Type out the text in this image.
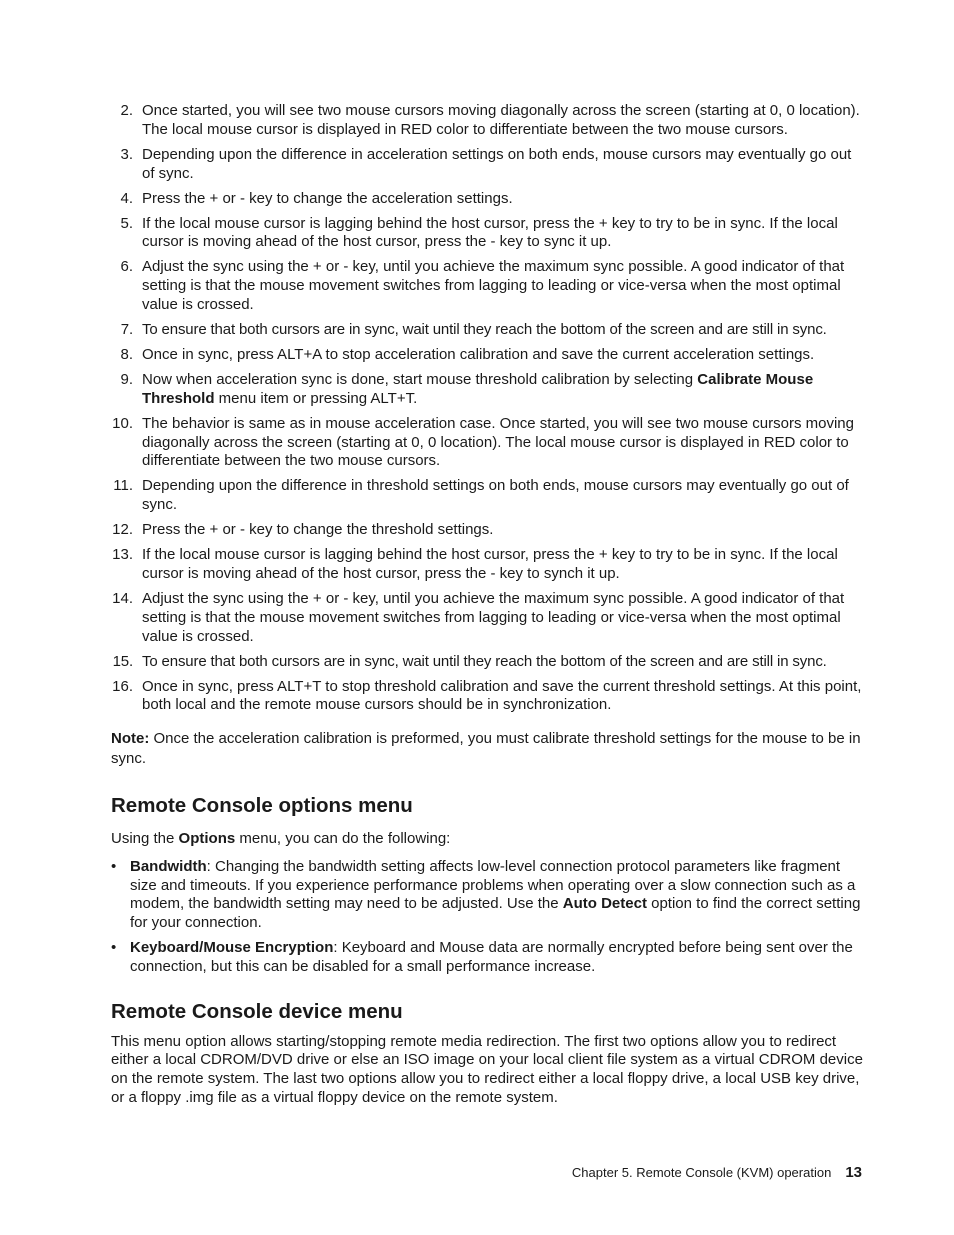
2. Once started, you will see two mouse cursors moving diagonally across the screen (starting at 0, 0 location). The local mouse cursor is displayed in RED color to differentiate between the two mouse cursors.
3. Depending upon the difference in acceleration settings on both ends, mouse cursors may eventually go out of sync.
4. Press the + or - key to change the acceleration settings.
5. If the local mouse cursor is lagging behind the host cursor, press the + key to try to be in sync. If the local cursor is moving ahead of the host cursor, press the - key to sync it up.
6. Adjust the sync using the + or - key, until you achieve the maximum sync possible. A good indicator of that setting is that the mouse movement switches from lagging to leading or vice-versa when the most optimal value is crossed.
7. To ensure that both cursors are in sync, wait until they reach the bottom of the screen and are still in sync.
8. Once in sync, press ALT+A to stop acceleration calibration and save the current acceleration settings.
9. Now when acceleration sync is done, start mouse threshold calibration by selecting Calibrate Mouse Threshold menu item or pressing ALT+T.
10. The behavior is same as in mouse acceleration case. Once started, you will see two mouse cursors moving diagonally across the screen (starting at 0, 0 location). The local mouse cursor is displayed in RED color to differentiate between the two mouse cursors.
11. Depending upon the difference in threshold settings on both ends, mouse cursors may eventually go out of sync.
12. Press the + or - key to change the threshold settings.
13. If the local mouse cursor is lagging behind the host cursor, press the + key to try to be in sync. If the local cursor is moving ahead of the host cursor, press the - key to synch it up.
14. Adjust the sync using the + or - key, until you achieve the maximum sync possible. A good indicator of that setting is that the mouse movement switches from lagging to leading or vice-versa when the most optimal value is crossed.
15. To ensure that both cursors are in sync, wait until they reach the bottom of the screen and are still in sync.
16. Once in sync, press ALT+T to stop threshold calibration and save the current threshold settings. At this point, both local and the remote mouse cursors should be in synchronization.

Note: Once the acceleration calibration is preformed, you must calibrate threshold settings for the mouse to be in sync.

Remote Console options menu
Using the Options menu, you can do the following:
• Bandwidth: Changing the bandwidth setting affects low-level connection protocol parameters like fragment size and timeouts. If you experience performance problems when operating over a slow connection such as a modem, the bandwidth setting may need to be adjusted. Use the Auto Detect option to find the correct setting for your connection.
• Keyboard/Mouse Encryption: Keyboard and Mouse data are normally encrypted before being sent over the connection, but this can be disabled for a small performance increase.
Remote Console device menu
This menu option allows starting/stopping remote media redirection. The first two options allow you to redirect either a local CDROM/DVD drive or else an ISO image on your local client file system as a virtual CDROM device on the remote system. The last two options allow you to redirect either a local floppy drive, a local USB key drive, or a floppy .img file as a virtual floppy device on the remote system.
Chapter 5. Remote Console (KVM) operation 13
